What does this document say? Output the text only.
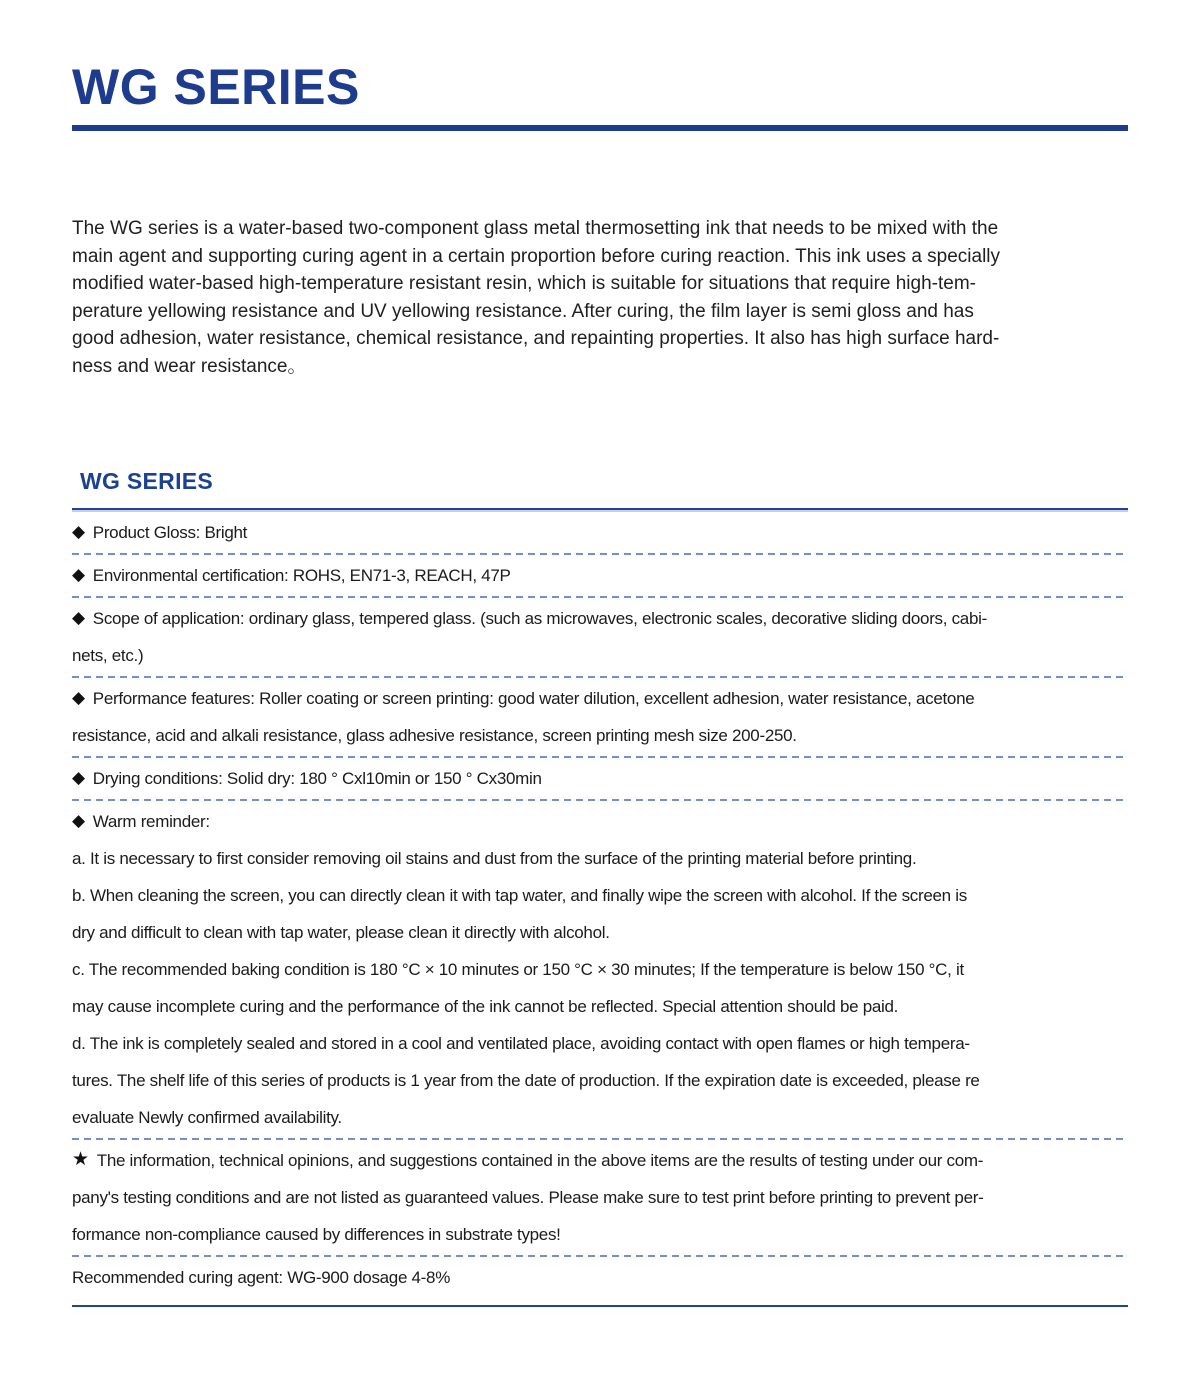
WG SERIES
The WG series is a water-based two-component glass metal thermosetting ink that needs to be mixed with the
main agent and supporting curing agent in a certain proportion before curing reaction. This ink uses a specially
modified water-based high-temperature resistant resin, which is suitable for situations that require high-tem-
perature yellowing resistance and UV yellowing resistance. After curing, the film layer is semi gloss and has
good adhesion, water resistance, chemical resistance, and repainting properties. It also has high surface hard-
ness and wear resistance。
WG SERIES
◆ Product Gloss: Bright
◆ Environmental certification: ROHS, EN71-3, REACH, 47P
◆ Scope of application: ordinary glass, tempered glass. (such as microwaves, electronic scales, decorative sliding doors, cabi-
nets, etc.)
◆ Performance features: Roller coating or screen printing: good water dilution, excellent adhesion, water resistance, acetone
resistance, acid and alkali resistance, glass adhesive resistance, screen printing mesh size 200-250.
◆ Drying conditions: Solid dry: 180 ° Cxl10min or 150 ° Cx30min
◆ Warm reminder:
a. It is necessary to first consider removing oil stains and dust from the surface of the printing material before printing.
b. When cleaning the screen, you can directly clean it with tap water, and finally wipe the screen with alcohol. If the screen is
dry and difficult to clean with tap water, please clean it directly with alcohol.
c. The recommended baking condition is 180 °C × 10 minutes or 150 °C × 30 minutes; If the temperature is below 150 °C, it
may cause incomplete curing and the performance of the ink cannot be reflected. Special attention should be paid.
d. The ink is completely sealed and stored in a cool and ventilated place, avoiding contact with open flames or high tempera-
tures. The shelf life of this series of products is 1 year from the date of production. If the expiration date is exceeded, please re
evaluate Newly confirmed availability.
★ The information, technical opinions, and suggestions contained in the above items are the results of testing under our com-
pany's testing conditions and are not listed as guaranteed values. Please make sure to test print before printing to prevent per-
formance non-compliance caused by differences in substrate types!
Recommended curing agent: WG-900 dosage 4-8%
